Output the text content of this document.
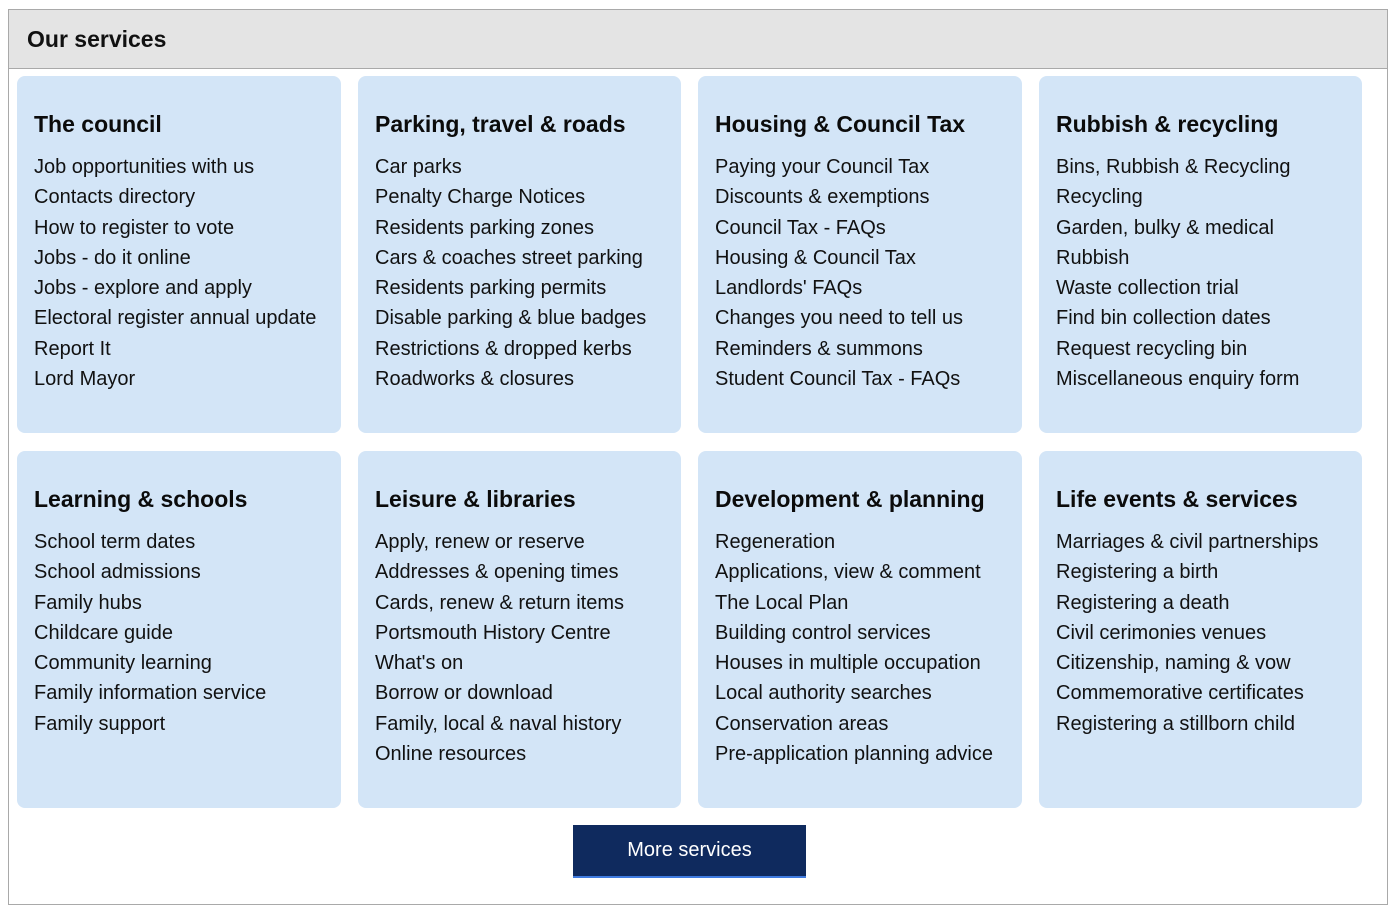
Our services
The council
Job opportunities with us
Contacts directory
How to register to vote
Jobs - do it online
Jobs - explore and apply
Electoral register annual update
Report It
Lord Mayor
Parking, travel & roads
Car parks
Penalty Charge Notices
Residents parking zones
Cars & coaches street parking
Residents parking permits
Disable parking & blue badges
Restrictions & dropped kerbs
Roadworks & closures
Housing & Council Tax
Paying your Council Tax
Discounts & exemptions
Council Tax - FAQs
Housing & Council Tax
Landlords' FAQs
Changes you need to tell us
Reminders & summons
Student Council Tax - FAQs
Rubbish & recycling
Bins, Rubbish & Recycling
Recycling
Garden, bulky & medical
Rubbish
Waste collection trial
Find bin collection dates
Request recycling bin
Miscellaneous enquiry form
Learning & schools
School term dates
School admissions
Family hubs
Childcare guide
Community learning
Family information service
Family support
Leisure & libraries
Apply, renew or reserve
Addresses & opening times
Cards, renew & return items
Portsmouth History Centre
What's on
Borrow or download
Family, local & naval history
Online resources
Development & planning
Regeneration
Applications, view & comment
The Local Plan
Building control services
Houses in multiple occupation
Local authority searches
Conservation areas
Pre-application planning advice
Life events & services
Marriages & civil partnerships
Registering a birth
Registering a death
Civil cerimonies venues
Citizenship, naming & vow
Commemorative certificates
Registering a stillborn child
More services
